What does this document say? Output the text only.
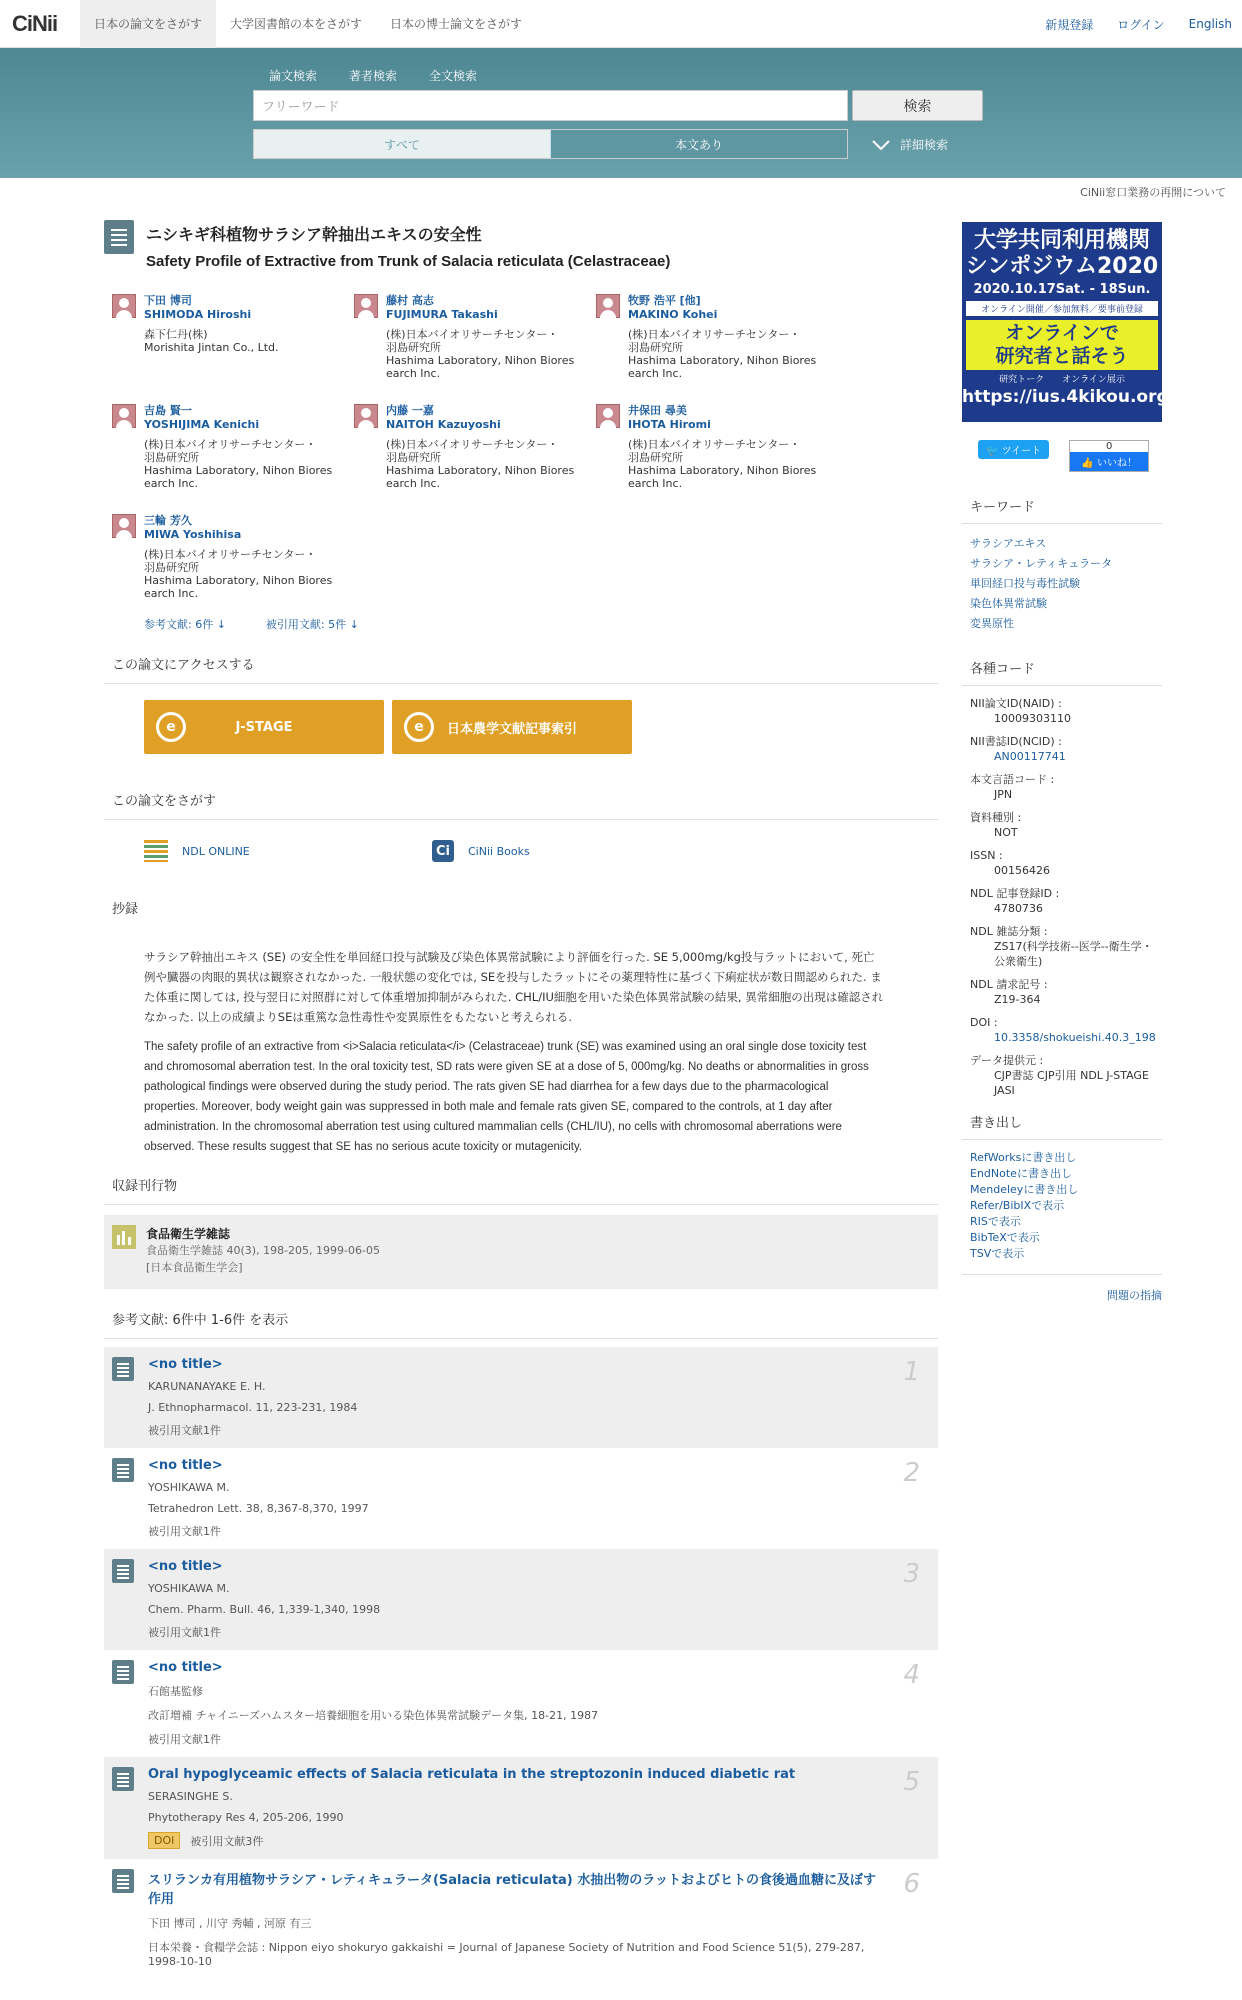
CiNii	日本の論文をさがす	大学図書館の本をさがす	日本の博士論文をさがす	新規登録 ログイン English
論文検索	著者検索	全文検索
フリーワード	検索
すべて	本文あり	詳細検索
CiNii窓口業務の再開について
ニシキギ科植物サラシア幹抽出エキスの安全性
Safety Profile of Extractive from Trunk of Salacia reticulata (Celastraceae)
下田 博司
SHIMODA Hiroshi
森下仁丹(株)
Morishita Jintan Co., Ltd.
藤村 高志
FUJIMURA Takashi
(株)日本バイオリサーチセンター・
羽島研究所
Hashima Laboratory, Nihon Biores
earch Inc.
牧野 浩平 [他]
MAKINO Kohei
(株)日本バイオリサーチセンター・
羽島研究所
Hashima Laboratory, Nihon Biores
earch Inc.
吉島 賢一
YOSHIJIMA Kenichi
(株)日本バイオリサーチセンター・
羽島研究所
Hashima Laboratory, Nihon Biores
earch Inc.
内藤 一嘉
NAITOH Kazuyoshi
(株)日本バイオリサーチセンター・
羽島研究所
Hashima Laboratory, Nihon Biores
earch Inc.
井保田 尋美
IHOTA Hiromi
(株)日本バイオリサーチセンター・
羽島研究所
Hashima Laboratory, Nihon Biores
earch Inc.
三輪 芳久
MIWA Yoshihisa
(株)日本バイオリサーチセンター・
羽島研究所
Hashima Laboratory, Nihon Biores
earch Inc.
参考文献: 6件 ↓	被引用文献: 5件 ↓
この論文にアクセスする
e	J-STAGE	e	日本農学文献記事索引
この論文をさがす
NDL ONLINE	Ci	CiNii Books
抄録

サラシア幹抽出エキス (SE) の安全性を単回経口投与試験及び染色体異常試験により評価を行った. SE 5,000mg/kg投与ラットにおいて, 死亡例や臓器の肉眼的異状は観察されなかった. 一般状態の変化では, SEを投与したラットにその薬理特性に基づく下痢症状が数日間認められた. また体重に関しては, 投与翌日に対照群に対して体重増加抑制がみられた. CHL/IU細胞を用いた染色体異常試験の結果, 異常細胞の出現は確認されなかった. 以上の成績よりSEは重篤な急性毒性や変異原性をもたないと考えられる.

The safety profile of an extractive from <i>Salacia reticulata</i> (Celastraceae) trunk (SE) was examined using an oral single dose toxicity test and chromosomal aberration test. In the oral toxicity test, SD rats were given SE at a dose of 5, 000mg/kg. No deaths or abnormalities in gross pathological findings were observed during the study period. The rats given SE had diarrhea for a few days due to the pharmacological properties. Moreover, body weight gain was suppressed in both male and female rats given SE, compared to the controls, at 1 day after administration. In the chromosomal aberration test using cultured mammalian cells (CHL/IU), no cells with chromosomal aberrations were observed. These results suggest that SE has no serious acute toxicity or mutagenicity.

収録刊行物
食品衛生学雑誌
食品衛生学雑誌 40(3), 198-205, 1999-06-05
[日本食品衛生学会]
参考文献: 6件中 1-6件 を表示
<no title>
KARUNANAYAKE E. H.
J. Ethnopharmacol. 11, 223-231, 1984
被引用文献1件
1
<no title>
YOSHIKAWA M.
Tetrahedron Lett. 38, 8,367-8,370, 1997
被引用文献1件
2
<no title>
YOSHIKAWA M.
Chem. Pharm. Bull. 46, 1,339-1,340, 1998
被引用文献1件
3
<no title>
石館基監修
改訂増補 チャイニーズハムスター培養細胞を用いる染色体異常試験データ集, 18-21, 1987
被引用文献1件
4
Oral hypoglyceamic effects of Salacia reticulata in the streptozonin induced diabetic rat
SERASINGHE S.
Phytotherapy Res 4, 205-206, 1990
DOI	被引用文献3件
5
スリランカ有用植物サラシア・レティキュラータ(Salacia reticulata) 水抽出物のラットおよびヒトの食後過血糖に及ぼす作用
下田 博司 , 川守 秀輔 , 河原 有三
日本栄養・食糧学会誌 : Nippon eiyo shokuryo gakkaishi = Journal of Japanese Society of Nutrition and Food Science 51(5), 279-287, 1998-10-10
6
大学共同利用機関
シンポジウム2020
2020.10.17Sat. - 18Sun.
オンライン開催／参加無料／要事前登録
オンラインで
研究者と話そう
研究トーク　　オンライン展示
https://ius.4kikou.org
🐦 ツイート	0
👍 いいね！
キーワード
サラシアエキス
サラシア・レティキュラータ
単回経口投与毒性試験
染色体異常試験
変異原性
各種コード
NII論文ID(NAID) :
10009303110
NII書誌ID(NCID) :
AN00117741
本文言語コード :
JPN
資料種別 :
NOT
ISSN :
00156426
NDL 記事登録ID :
4780736
NDL 雑誌分類 :
ZS17(科学技術--医学--衛生学・公衆衛生)
NDL 請求記号 :
Z19-364
DOI :
10.3358/shokueishi.40.3_198
データ提供元 :
CJP書誌 CJP引用 NDL J-STAGE JASI
書き出し
RefWorksに書き出し
EndNoteに書き出し
Mendeleyに書き出し
Refer/BibIXで表示
RISで表示
BibTeXで表示
TSVで表示
問題の指摘
